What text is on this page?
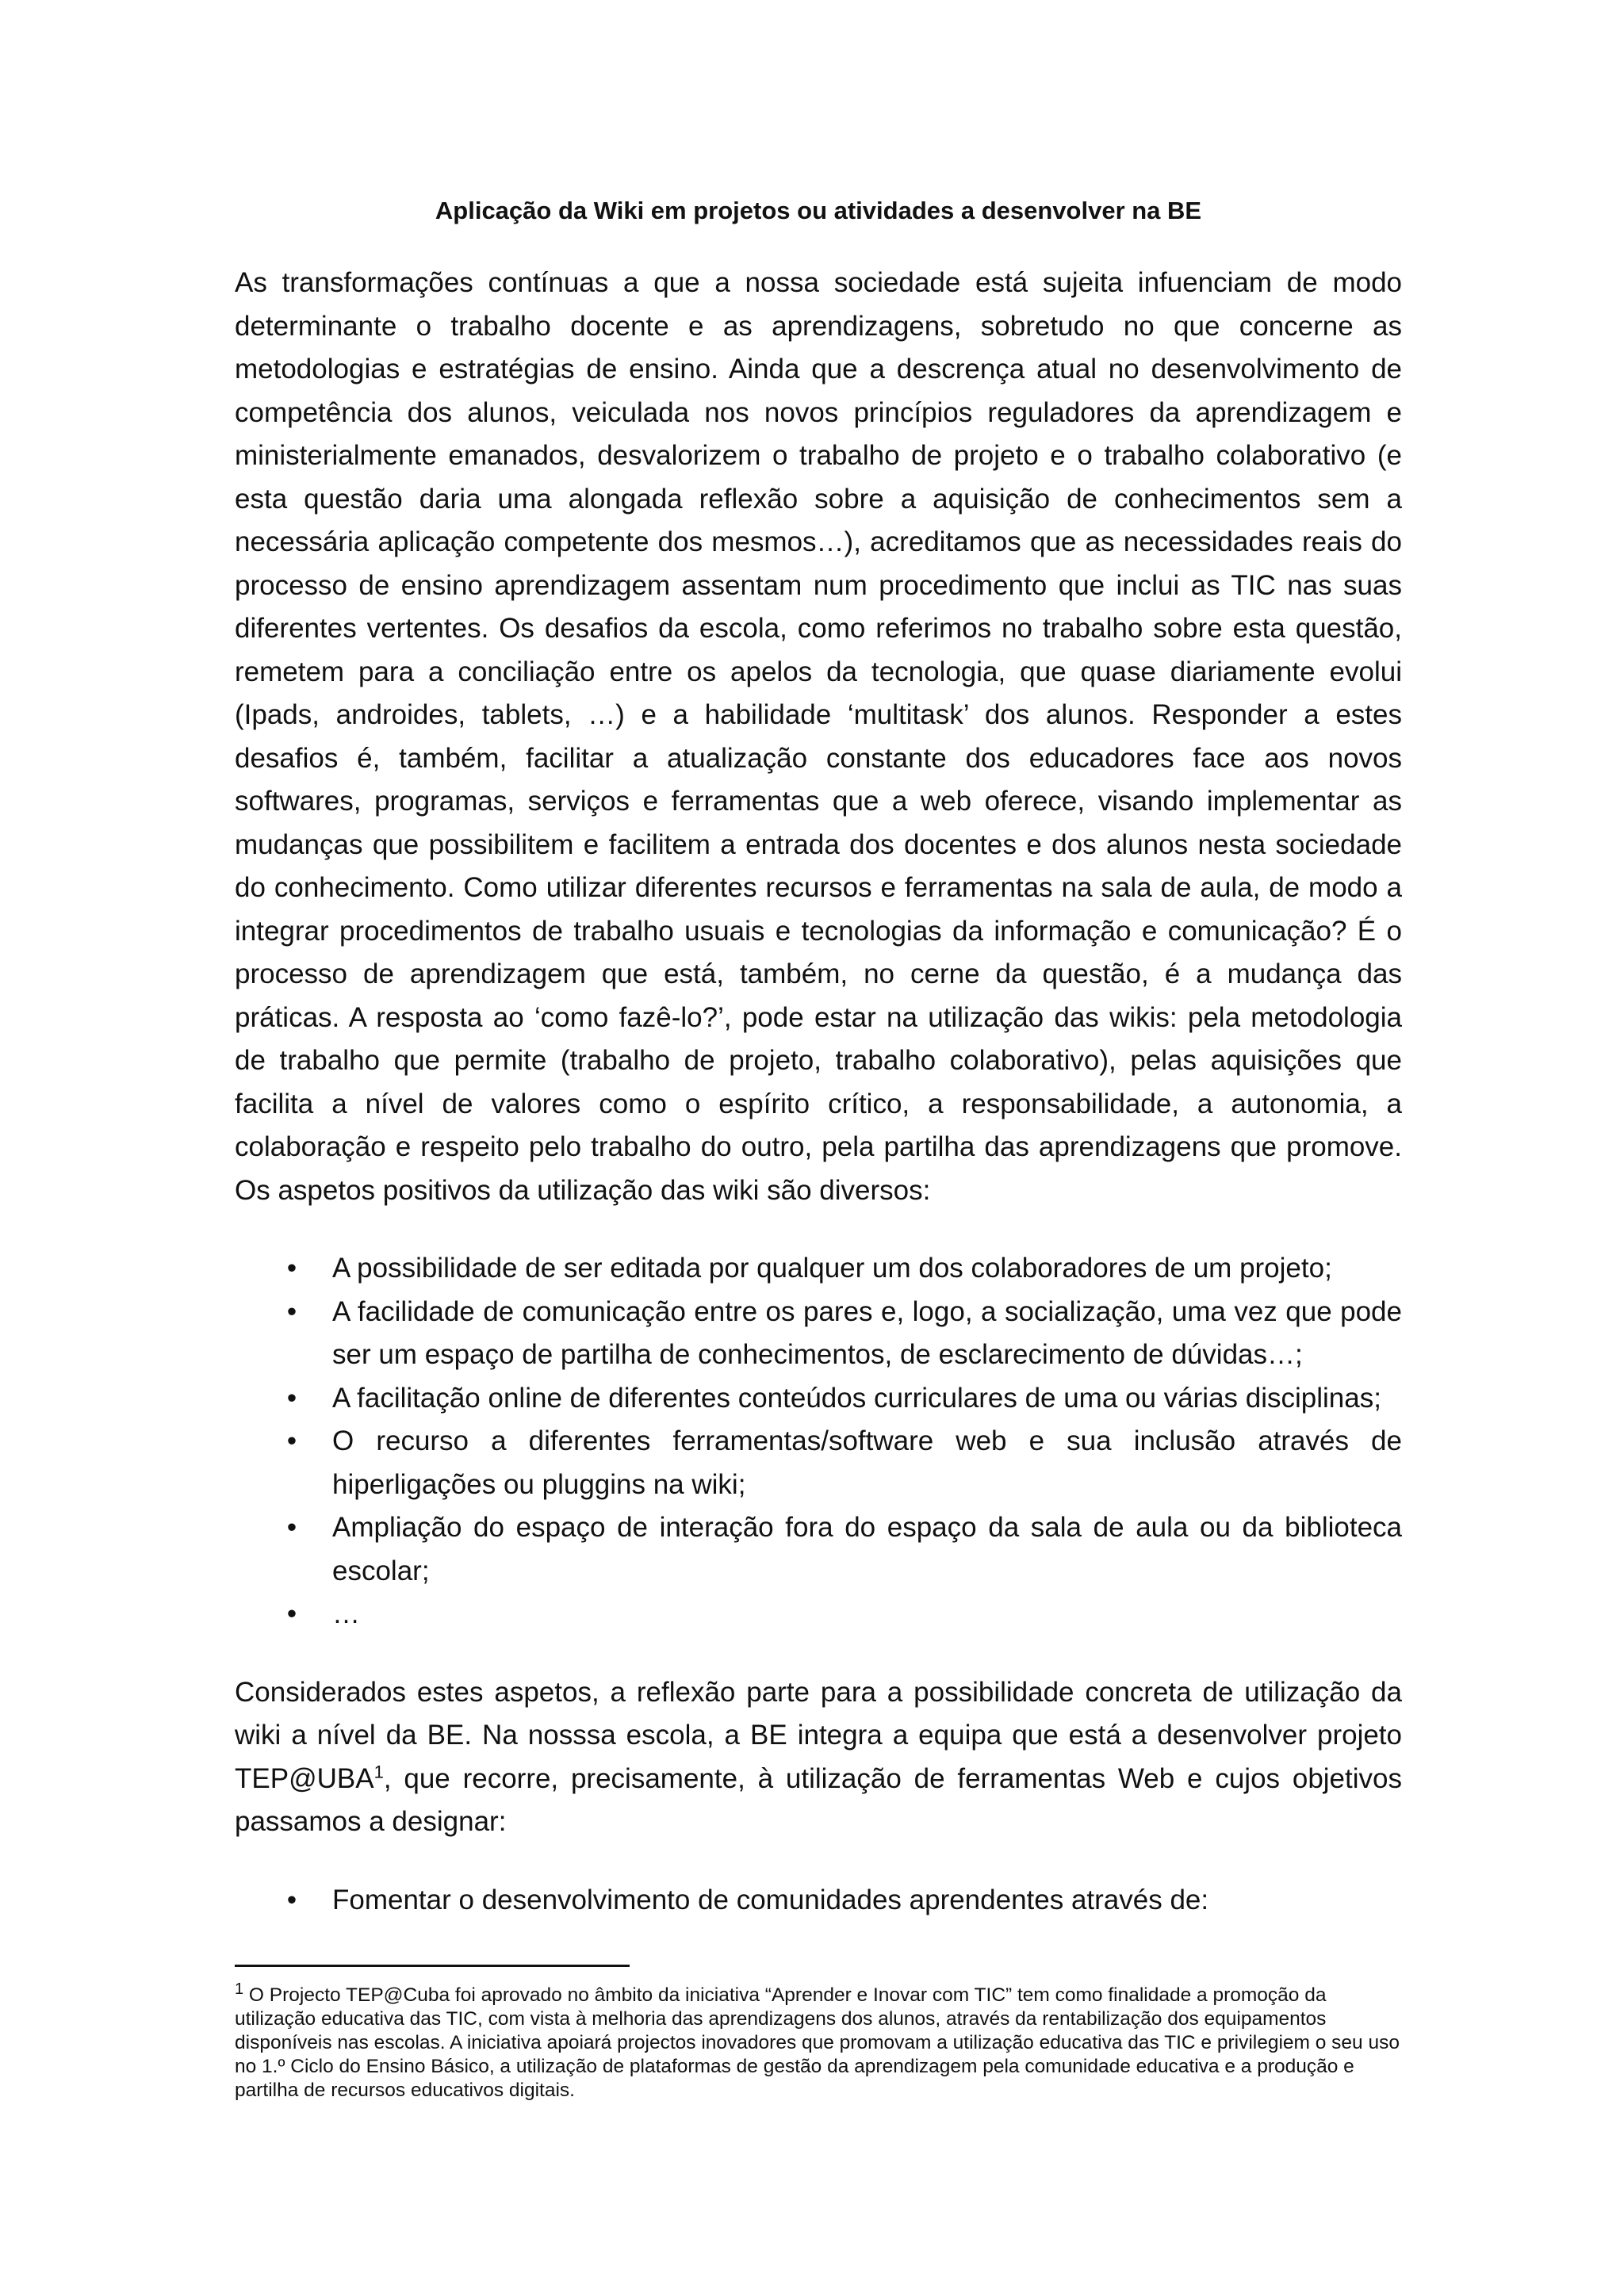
Aplicação da Wiki em projetos ou atividades a desenvolver na BE

As transformações contínuas a que a nossa sociedade está sujeita infuenciam de modo determinante o trabalho docente e as aprendizagens, sobretudo no que concerne as metodologias e estratégias de ensino. Ainda que a descrença atual no desenvolvimento de competência dos alunos, veiculada nos novos princípios reguladores da aprendizagem e ministerialmente emanados, desvalorizem o trabalho de projeto e o trabalho colaborativo (e esta questão daria uma alongada reflexão sobre a aquisição de conhecimentos sem a necessária aplicação competente dos mesmos…), acreditamos que as necessidades reais do processo de ensino aprendizagem assentam num procedimento que inclui as TIC nas suas diferentes vertentes. Os desafios da escola, como referimos no trabalho sobre esta questão, remetem para a conciliação entre os apelos da tecnologia, que quase diariamente evolui (Ipads, androides, tablets, …) e a habilidade ‘multitask’ dos alunos. Responder a estes desafios é, também, facilitar a atualização constante dos educadores face aos novos softwares, programas, serviços e ferramentas que a web oferece, visando implementar as mudanças que possibilitem e facilitem a entrada dos docentes e dos alunos nesta sociedade do conhecimento. Como utilizar diferentes recursos e ferramentas na sala de aula, de modo a integrar procedimentos de trabalho usuais e tecnologias da informação e comunicação? É o processo de aprendizagem que está, também, no cerne da questão, é a mudança das práticas. A resposta ao ‘como fazê-lo?’, pode estar na utilização das wikis: pela metodologia de trabalho que permite (trabalho de projeto, trabalho colaborativo), pelas aquisições que facilita a nível de valores como o espírito crítico, a responsabilidade, a autonomia, a colaboração e respeito pelo trabalho do outro, pela partilha das aprendizagens que promove. Os aspetos positivos da utilização das wiki são diversos:

• A possibilidade de ser editada por qualquer um dos colaboradores de um projeto;
• A facilidade de comunicação entre os pares e, logo, a socialização, uma vez que pode ser um espaço de partilha de conhecimentos, de esclarecimento de dúvidas…;
• A facilitação online de diferentes conteúdos curriculares de uma ou várias disciplinas;
• O recurso a diferentes ferramentas/software web e sua inclusão através de hiperligações ou pluggins na wiki;
• Ampliação do espaço de interação fora do espaço da sala de aula ou da biblioteca escolar;
• …

Considerados estes aspetos, a reflexão parte para a possibilidade concreta de utilização da wiki a nível da BE. Na nosssa escola, a BE integra a equipa que está a desenvolver projeto TEP@UBA$^1$, que recorre, precisamente, à utilização de ferramentas Web e cujos objetivos passamos a designar:

• Fomentar o desenvolvimento de comunidades aprendentes através de:

$^1$ O Projecto TEP@Cuba foi aprovado no âmbito da iniciativa “Aprender e Inovar com TIC” tem como finalidade a promoção da utilização educativa das TIC, com vista à melhoria das aprendizagens dos alunos, através da rentabilização dos equipamentos disponíveis nas escolas. A iniciativa apoiará projectos inovadores que promovam a utilização educativa das TIC e privilegiem o seu uso no 1.º Ciclo do Ensino Básico, a utilização de plataformas de gestão da aprendizagem pela comunidade educativa e a produção e partilha de recursos educativos digitais.
